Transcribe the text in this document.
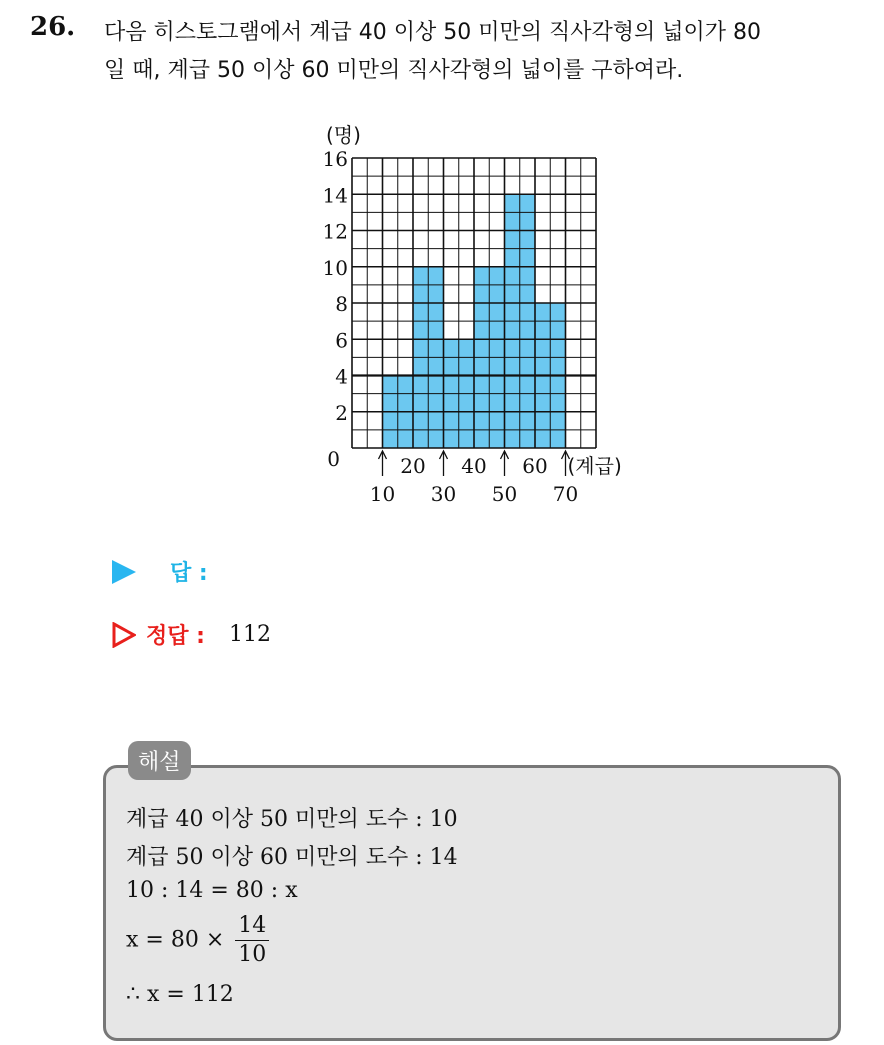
26. 다음 히스토그램에서 계급 40 이상 50 미만의 직사각형의 넓이가 80
일 때, 계급 50 이상 60 미만의 직사각형의 넓이를 구하여라.
0
2
4
6
8
10
12
14
16
(명)
10 30 50 70
20 40 60 (계급)
답 :
정답 : 112
해설
계급 40 이상 50 미만의 도수 : 10
계급 50 이상 60 미만의 도수 : 14
10 : 14 = 80 : x
$x = 80 \times \frac{14}{10}$
∴ x = 112
